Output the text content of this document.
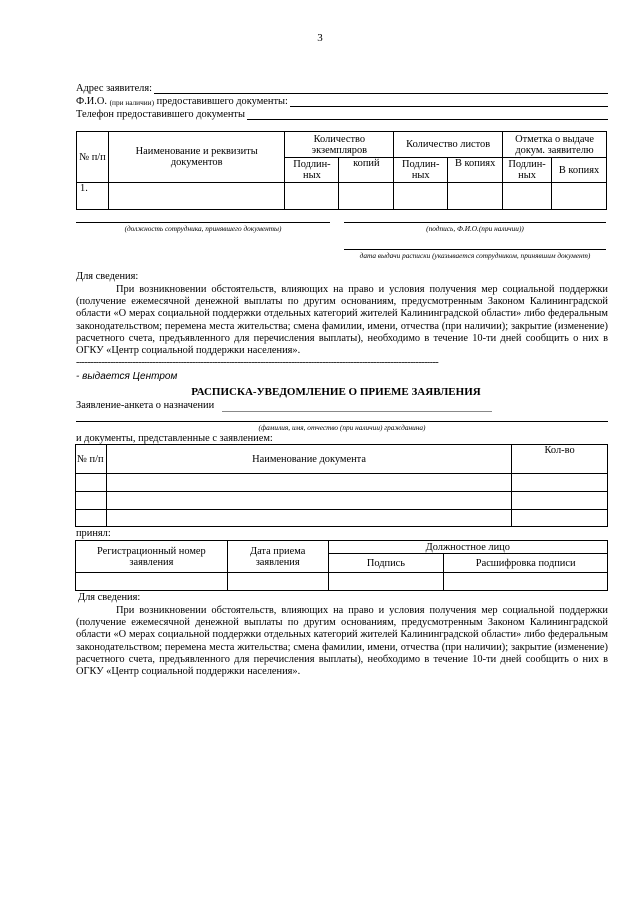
3
Адрес заявителя:
Ф.И.О.
(при наличии)
предоставившего документы:
Телефон предоставившего документы
№ п/п	Наименование и реквизиты документов	Количество экземпляров		Количество листов		Отметка о выдаче докум. заявителю	
		Подлин-ных	копий	Подлин-ных	В копиях	Подлин-ных	В копиях
1.							
(должность сотрудника, принявшего документы)	(подпись, Ф.И.О.(при наличии))
дата выдачи расписки (указывается сотрудником, принявшим документ)
Для сведения:
При возникновении обстоятельств, влияющих на право и условия получения мер социальной поддержки (получение ежемесячной денежной выплаты по другим основаниям, предусмотренным Законом Калининградской области «О мерах социальной поддержки отдельных категорий жителей Калининградской области» либо федеральным законодательством; перемена места жительства; смена фамилии, имени, отчества (при наличии); закрытие (изменение) расчетного счета, предъявленного для перечисления выплаты), необходимо в течение 10-ти дней сообщить о них в ОГКУ «Центр социальной поддержки населения».
--------------------------------------------------------------------------------------------------------------------------------
- выдается Центром
РАСПИСКА-УВЕДОМЛЕНИЕ О ПРИЕМЕ ЗАЯВЛЕНИЯ
Заявление-анкета о назначении
(фамилия, имя, отчество (при наличии) гражданина)
и документы, представленные с заявлением:
№ п/п	Наименование документа	Кол-во

принял:
Регистрационный номер заявления	Дата приема заявления	Должностное лицо	
		Подпись	Расшифровка подписи

Для сведения:
При возникновении обстоятельств, влияющих на право и условия получения мер социальной поддержки (получение ежемесячной денежной выплаты по другим основаниям, предусмотренным Законом Калининградской области «О мерах социальной поддержки отдельных категорий жителей Калининградской области» либо федеральным законодательством; перемена места жительства; смена фамилии, имени, отчества (при наличии); закрытие (изменение) расчетного счета, предъявленного для перечисления выплаты), необходимо в течение 10-ти дней сообщить о них в ОГКУ «Центр социальной поддержки населения».
